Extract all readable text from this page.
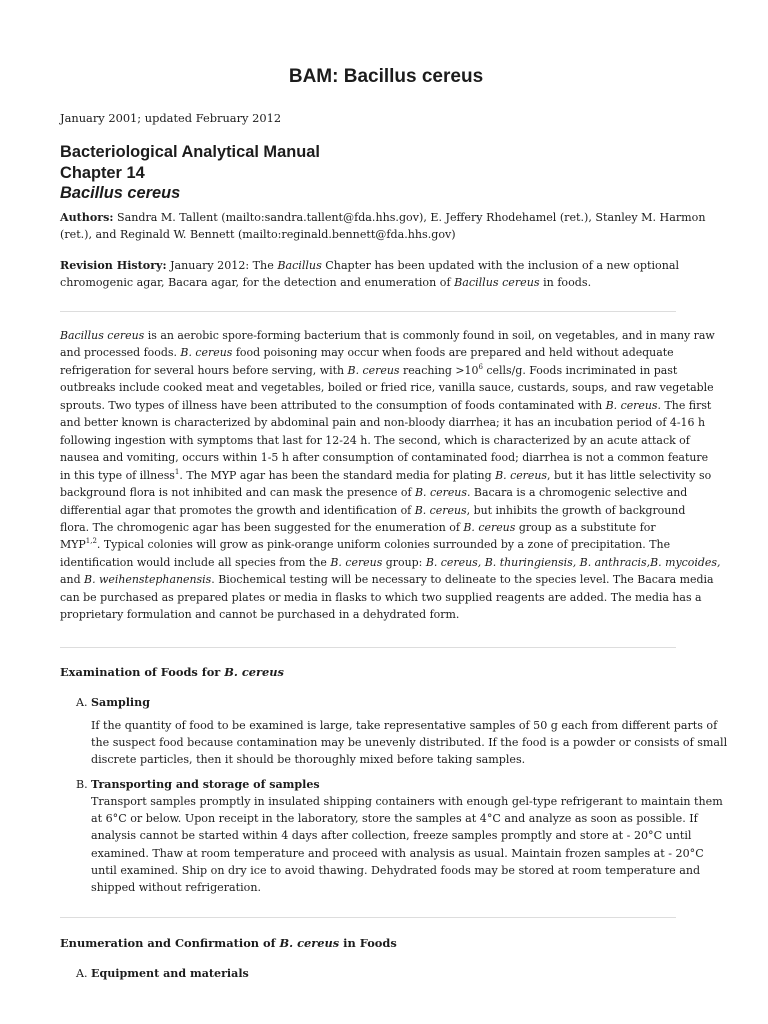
BAM: Bacillus cereus
January 2001; updated February 2012
Bacteriological Analytical Manual
Chapter 14
Bacillus cereus
Authors: Sandra M. Tallent (mailto:sandra.tallent@fda.hhs.gov), E. Jeffery Rhodehamel (ret.), Stanley M. Harmon (ret.), and Reginald W. Bennett (mailto:reginald.bennett@fda.hhs.gov)
Revision History: January 2012: The Bacillus Chapter has been updated with the inclusion of a new optional chromogenic agar, Bacara agar, for the detection and enumeration of Bacillus cereus in foods.

Bacillus cereus is an aerobic spore-forming bacterium that is commonly found in soil, on vegetables, and in many raw

and processed foods. B. cereus food poisoning may occur when foods are prepared and held without adequate

refrigeration for several hours before serving, with B. cereus reaching $>10^6$ cells/g. Foods incriminated in past

outbreaks include cooked meat and vegetables, boiled or fried rice, vanilla sauce, custards, soups, and raw vegetable

sprouts. Two types of illness have been attributed to the consumption of foods contaminated with B. cereus. The first

and better known is characterized by abdominal pain and non-bloody diarrhea; it has an incubation period of 4-16 h

following ingestion with symptoms that last for 12-24 h. The second, which is characterized by an acute attack of

nausea and vomiting, occurs within 1-5 h after consumption of contaminated food; diarrhea is not a common feature

in this type of illness$^1$. The MYP agar has been the standard media for plating B. cereus, but it has little selectivity so

background flora is not inhibited and can mask the presence of B. cereus. Bacara is a chromogenic selective and

differential agar that promotes the growth and identification of B. cereus, but inhibits the growth of background

flora. The chromogenic agar has been suggested for the enumeration of B. cereus group as a substitute for

MYP$^{1,2}$. Typical colonies will grow as pink-orange uniform colonies surrounded by a zone of precipitation. The

identification would include all species from the B. cereus group: B. cereus, B. thuringiensis, B. anthracis,B. mycoides,

and B. weihenstephanensis. Biochemical testing will be necessary to delineate to the species level. The Bacara media

can be purchased as prepared plates or media in flasks to which two supplied reagents are added. The media has a

proprietary formulation and cannot be purchased in a dehydrated form.

Examination of Foods for B. cereus
A. Sampling

If the quantity of food to be examined is large, take representative samples of 50 g each from different parts of

the suspect food because contamination may be unevenly distributed. If the food is a powder or consists of small

discrete particles, then it should be thoroughly mixed before taking samples.

B. Transporting and storage of samples

Transport samples promptly in insulated shipping containers with enough gel-type refrigerant to maintain them

at 6°C or below. Upon receipt in the laboratory, store the samples at 4°C and analyze as soon as possible. If

analysis cannot be started within 4 days after collection, freeze samples promptly and store at - 20°C until

examined. Thaw at room temperature and proceed with analysis as usual. Maintain frozen samples at - 20°C

until examined. Ship on dry ice to avoid thawing. Dehydrated foods may be stored at room temperature and

shipped without refrigeration.

Enumeration and Confirmation of B. cereus in Foods
A. Equipment and materials
